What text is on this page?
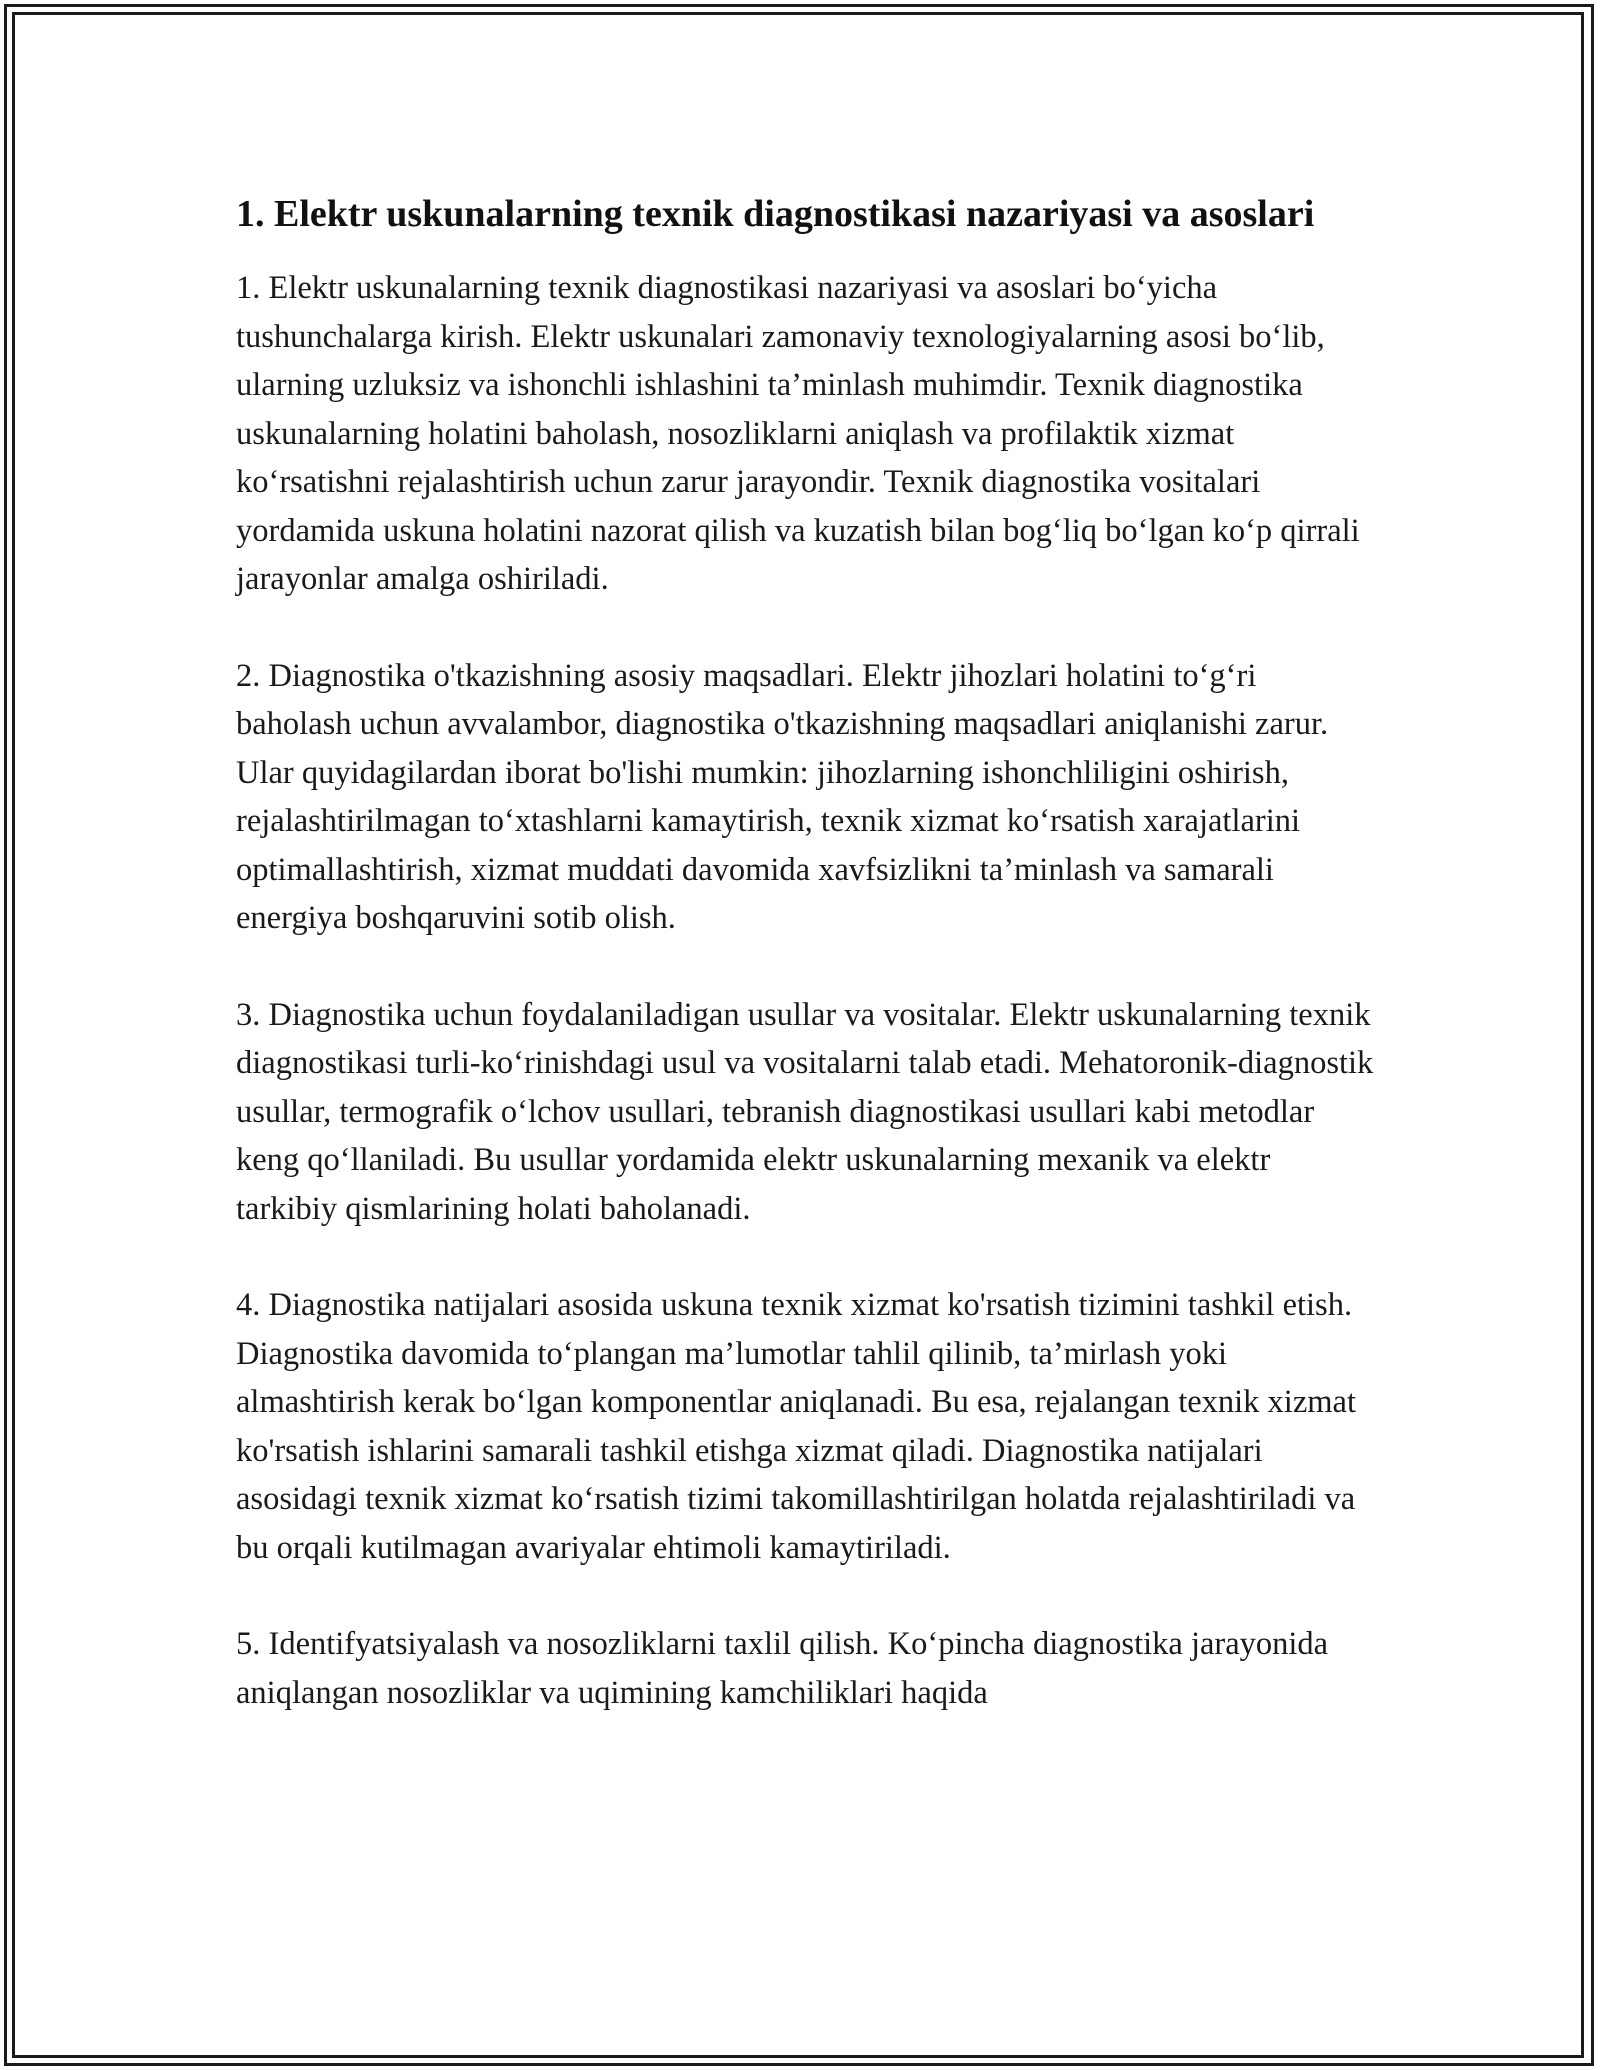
1. Elektr uskunalarning texnik diagnostikasi nazariyasi va asoslari

1. Elektr uskunalarning texnik diagnostikasi nazariyasi va asoslari bo‘yicha tushunchalarga kirish. Elektr uskunalari zamonaviy texnologiyalarning asosi bo‘lib, ularning uzluksiz va ishonchli ishlashini ta’minlash muhimdir. Texnik diagnostika uskunalarning holatini baholash, nosozliklarni aniqlash va profilaktik xizmat ko‘rsatishni rejalashtirish uchun zarur jarayondir. Texnik diagnostika vositalari yordamida uskuna holatini nazorat qilish va kuzatish bilan bog‘liq bo‘lgan ko‘p qirrali jarayonlar amalga oshiriladi.

2. Diagnostika o'tkazishning asosiy maqsadlari. Elektr jihozlari holatini to‘g‘ri baholash uchun avvalambor, diagnostika o'tkazishning maqsadlari aniqlanishi zarur. Ular quyidagilardan iborat bo'lishi mumkin: jihozlarning ishonchliligini oshirish, rejalashtirilmagan to‘xtashlarni kamaytirish, texnik xizmat ko‘rsatish xarajatlarini optimallashtirish, xizmat muddati davomida xavfsizlikni ta’minlash va samarali energiya boshqaruvini sotib olish.

3. Diagnostika uchun foydalaniladigan usullar va vositalar. Elektr uskunalarning texnik diagnostikasi turli-ko‘rinishdagi usul va vositalarni talab etadi. Mehatoronik-diagnostik usullar, termografik o‘lchov usullari, tebranish diagnostikasi usullari kabi metodlar keng qo‘llaniladi. Bu usullar yordamida elektr uskunalarning mexanik va elektr tarkibiy qismlarining holati baholanadi.

4. Diagnostika natijalari asosida uskuna texnik xizmat ko'rsatish tizimini tashkil etish. Diagnostika davomida to‘plangan ma’lumotlar tahlil qilinib, ta’mirlash yoki almashtirish kerak bo‘lgan komponentlar aniqlanadi. Bu esa, rejalangan texnik xizmat ko'rsatish ishlarini samarali tashkil etishga xizmat qiladi. Diagnostika natijalari asosidagi texnik xizmat ko‘rsatish tizimi takomillashtirilgan holatda rejalashtiriladi va bu orqali kutilmagan avariyalar ehtimoli kamaytiriladi.

5. Identifyatsiyalash va nosozliklarni taxlil qilish. Ko‘pincha diagnostika jarayonida aniqlangan nosozliklar va uqimining kamchiliklari haqida
